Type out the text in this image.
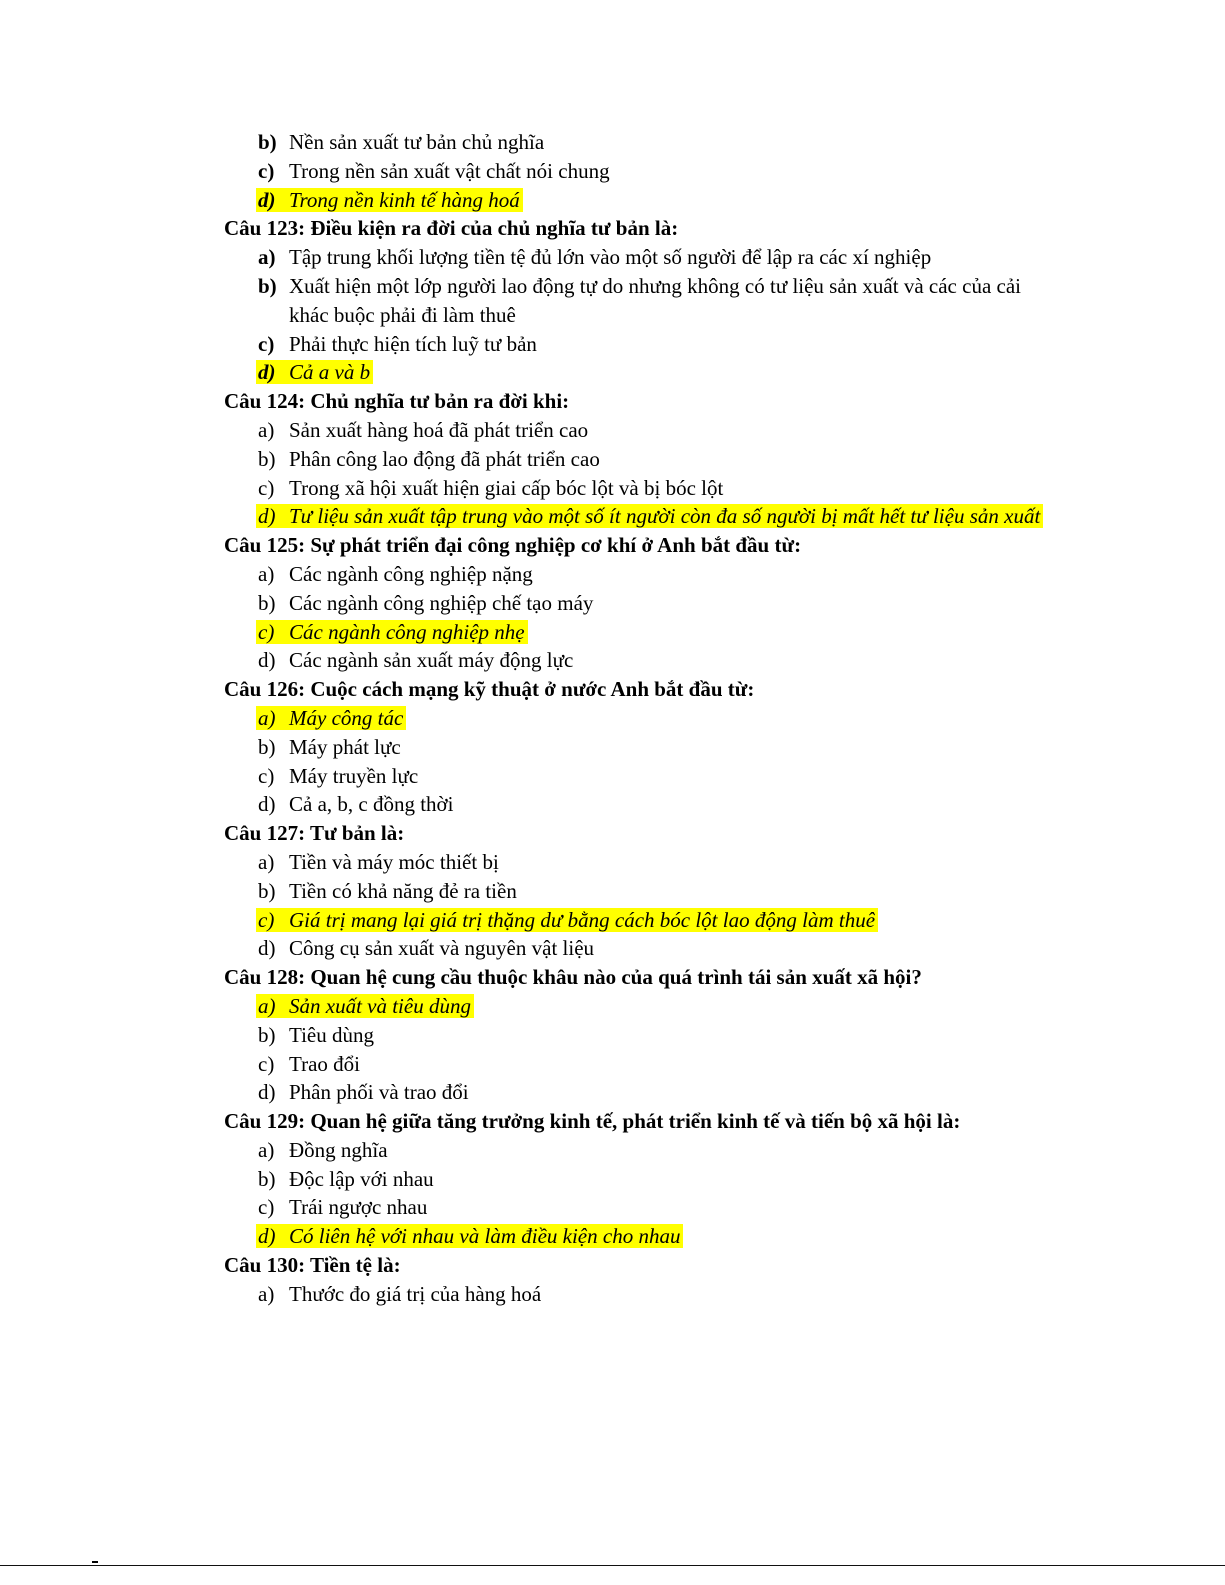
b) Nền sản xuất tư bản chủ nghĩa
c) Trong nền sản xuất vật chất nói chung
d) Trong nền kinh tế hàng hoá
Câu 123: Điều kiện ra đời của chủ nghĩa tư bản là:
a) Tập trung khối lượng tiền tệ đủ lớn vào một số người để lập ra các xí nghiệp
b) Xuất hiện một lớp người lao động tự do nhưng không có tư liệu sản xuất và các của cải
khác buộc phải đi làm thuê
c) Phải thực hiện tích luỹ tư bản
d) Cả a và b
Câu 124: Chủ nghĩa tư bản ra đời khi:
a) Sản xuất hàng hoá đã phát triển cao
b) Phân công lao động đã phát triển cao
c) Trong xã hội xuất hiện giai cấp bóc lột và bị bóc lột
d) Tư liệu sản xuất tập trung vào một số ít người còn đa số người bị mất hết tư liệu sản xuất
Câu 125: Sự phát triển đại công nghiệp cơ khí ở Anh bắt đầu từ:
a) Các ngành công nghiệp nặng
b) Các ngành công nghiệp chế tạo máy
c) Các ngành công nghiệp nhẹ
d) Các ngành sản xuất máy động lực
Câu 126: Cuộc cách mạng kỹ thuật ở nước Anh bắt đầu từ:
a) Máy công tác
b) Máy phát lực
c) Máy truyền lực
d) Cả a, b, c đồng thời
Câu 127: Tư bản là:
a) Tiền và máy móc thiết bị
b) Tiền có khả năng đẻ ra tiền
c) Giá trị mang lại giá trị thặng dư bằng cách bóc lột lao động làm thuê
d) Công cụ sản xuất và nguyên vật liệu
Câu 128: Quan hệ cung cầu thuộc khâu nào của quá trình tái sản xuất xã hội?
a) Sản xuất và tiêu dùng
b) Tiêu dùng
c) Trao đổi
d) Phân phối và trao đổi
Câu 129: Quan hệ giữa tăng trưởng kinh tế, phát triển kinh tế và tiến bộ xã hội là:
a) Đồng nghĩa
b) Độc lập với nhau
c) Trái ngược nhau
d) Có liên hệ với nhau và làm điều kiện cho nhau
Câu 130: Tiền tệ là:
a) Thước đo giá trị của hàng hoá
